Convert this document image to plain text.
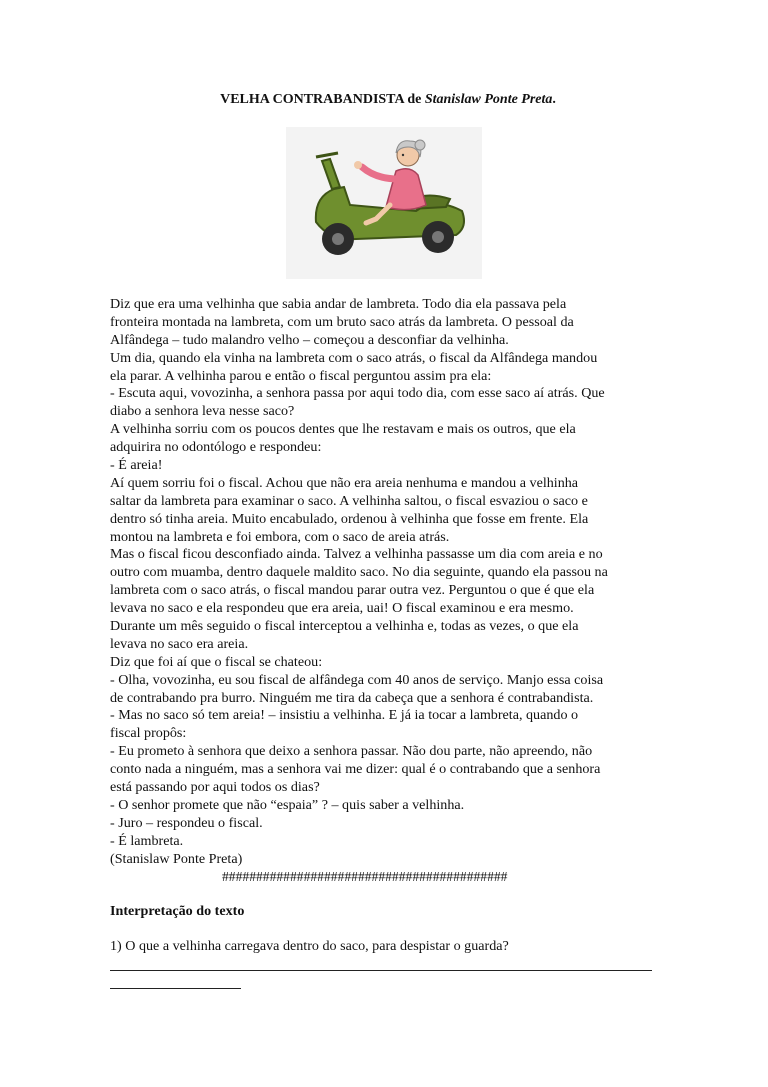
VELHA CONTRABANDISTA de Stanislaw Ponte Preta.
Diz que era uma velhinha que sabia andar de lambreta. Todo dia ela passava pela
fronteira montada na lambreta, com um bruto saco atrás da lambreta. O pessoal da
Alfândega – tudo malandro velho – começou a desconfiar da velhinha.
Um dia, quando ela vinha na lambreta com o saco atrás, o fiscal da Alfândega mandou
ela parar. A velhinha parou e então o fiscal perguntou assim pra ela:
- Escuta aqui, vovozinha, a senhora passa por aqui todo dia, com esse saco aí atrás. Que
diabo a senhora leva nesse saco?
A velhinha sorriu com os poucos dentes que lhe restavam e mais os outros, que ela
adquirira no odontólogo e respondeu:
- É areia!
Aí quem sorriu foi o fiscal. Achou que não era areia nenhuma e mandou a velhinha
saltar da lambreta para examinar o saco. A velhinha saltou, o fiscal esvaziou o saco e
dentro só tinha areia. Muito encabulado, ordenou à velhinha que fosse em frente. Ela
montou na lambreta e foi embora, com o saco de areia atrás.
Mas o fiscal ficou desconfiado ainda. Talvez a velhinha passasse um dia com areia e no
outro com muamba, dentro daquele maldito saco. No dia seguinte, quando ela passou na
lambreta com o saco atrás, o fiscal mandou parar outra vez. Perguntou o que é que ela
levava no saco e ela respondeu que era areia, uai! O fiscal examinou e era mesmo.
Durante um mês seguido o fiscal interceptou a velhinha e, todas as vezes, o que ela
levava no saco era areia.
Diz que foi aí que o fiscal se chateou:
- Olha, vovozinha, eu sou fiscal de alfândega com 40 anos de serviço. Manjo essa coisa
de contrabando pra burro. Ninguém me tira da cabeça que a senhora é contrabandista.
- Mas no saco só tem areia! – insistiu a velhinha. E já ia tocar a lambreta, quando o
fiscal propôs:
- Eu prometo à senhora que deixo a senhora passar. Não dou parte, não apreendo, não
conto nada a ninguém, mas a senhora vai me dizer: qual é o contrabando que a senhora
está passando por aqui todos os dias?
- O senhor promete que não “espaia” ? – quis saber a velhinha.
- Juro – respondeu o fiscal.
- É lambreta.
(Stanislaw Ponte Preta)
##########################################
Interpretação do texto
1) O que a velhinha carregava dentro do saco, para despistar o guarda?
